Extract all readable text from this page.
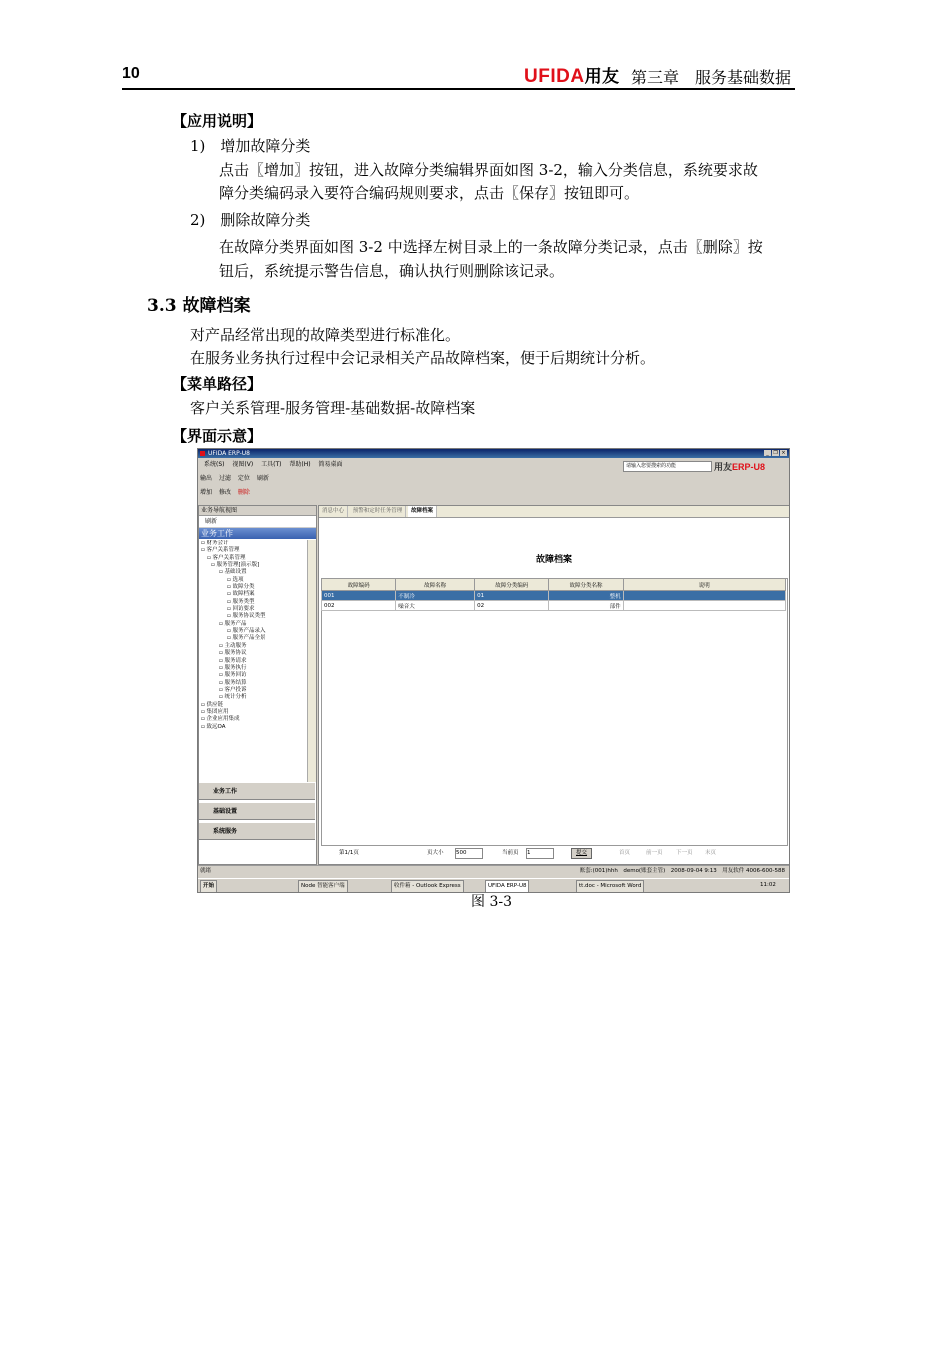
10	UFIDA用友 第三章　服务基础数据
【应用说明】
1)　增加故障分类
点击〖增加〗按钮，进入故障分类编辑界面如图 3-2，输入分类信息，系统要求故
障分类编码录入要符合编码规则要求，点击〖保存〗按钮即可。
2)　删除故障分类
在故障分类界面如图 3-2 中选择左树目录上的一条故障分类记录，点击〖删除〗按
钮后，系统提示警告信息，确认执行则删除该记录。
3.3 故障档案
对产品经常出现的故障类型进行标准化。
在服务业务执行过程中会记录相关产品故障档案，便于后期统计分析。
【菜单路径】
客户关系管理-服务管理-基础数据-故障档案
【界面示意】
UFIDA ERP-U8	_ ❐ ×
系统(S) 视图(V) 工具(T) 帮助(H) 简易桌面	请输入您要搜索的功能	用友ERP-U8
输出 过滤 定位 刷新
增加 修改 删除
业务导航视图
刷新
业务工作
▫ 财务会计
▫ 客户关系管理
▫ 客户关系管理
▫ 服务管理[演示版]
▫ 基础设置
▫ 选项
▫ 故障分类
▫ 故障档案
▫ 服务类型
▫ 回访要求
▫ 服务协议类型
▫ 服务产品
▫ 服务产品录入
▫ 服务产品全景
▫ 主动服务
▫ 服务协议
▫ 服务请求
▫ 服务执行
▫ 服务回访
▫ 服务结算
▫ 客户投诉
▫ 统计分析
▫ 供应链
▫ 集团应用
▫ 企业应用集成
▫ 致远OA
业务工作
基础设置
系统服务
消息中心 预警和定时任务管理 故障档案
故障档案
故障编码	故障名称	故障分类编码	故障分类名称	说明
001	不制冷	01	整机	
002	噪音大	02	部件	
第1/1页	页大小 500	当前页 1	提交	首页	前一页 下一页 末页
就绪	账套:(001)hhh　demo(账套主管)　2008-09-04 9:13　用友软件 4006-600-588
开始	Node 智能客户端	收件箱 - Outlook Express	UFIDA ERP-U8	tt.doc - Microsoft Word	11:02
图 3-3
